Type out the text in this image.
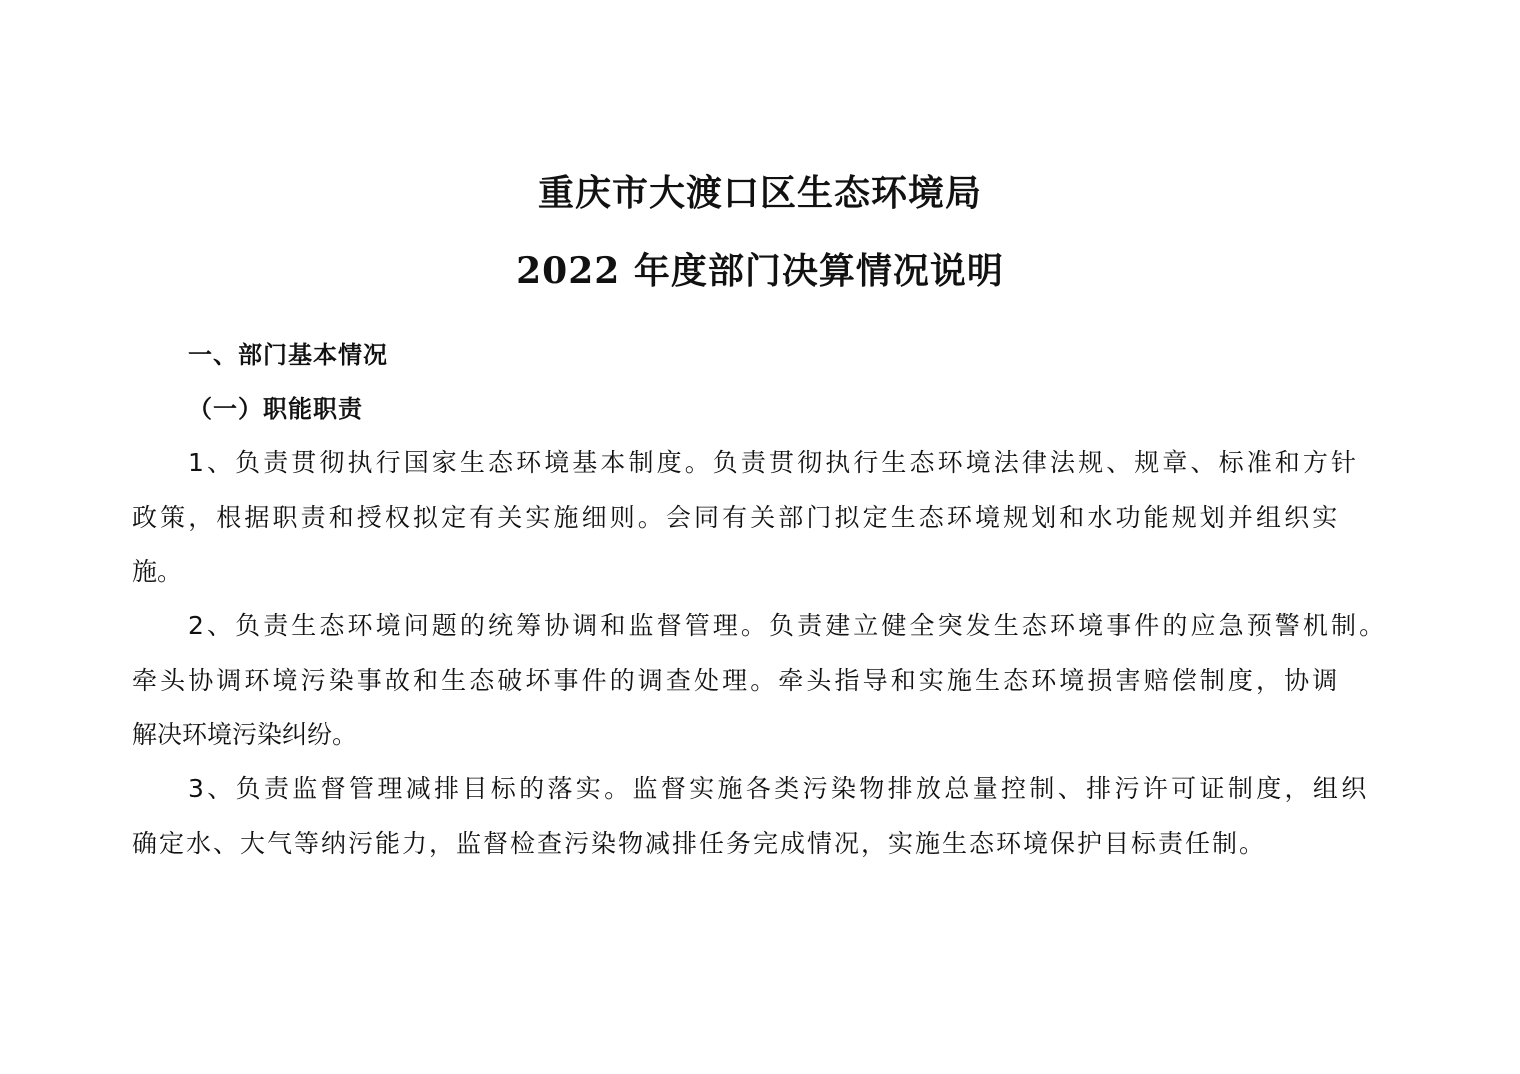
重庆市大渡口区生态环境局
2022 年度部门决算情况说明
一、部门基本情况
（一）职能职责

1、负责贯彻执行国家生态环境基本制度。负责贯彻执行生态环境法律法规、规章、标准和方针
政策，根据职责和授权拟定有关实施细则。会同有关部门拟定生态环境规划和水功能规划并组织实
施。

2、负责生态环境问题的统筹协调和监督管理。负责建立健全突发生态环境事件的应急预警机制。
牵头协调环境污染事故和生态破坏事件的调查处理。牵头指导和实施生态环境损害赔偿制度，协调
解决环境污染纠纷。

3、负责监督管理减排目标的落实。监督实施各类污染物排放总量控制、排污许可证制度，组织
确定水、大气等纳污能力，监督检查污染物减排任务完成情况，实施生态环境保护目标责任制。
